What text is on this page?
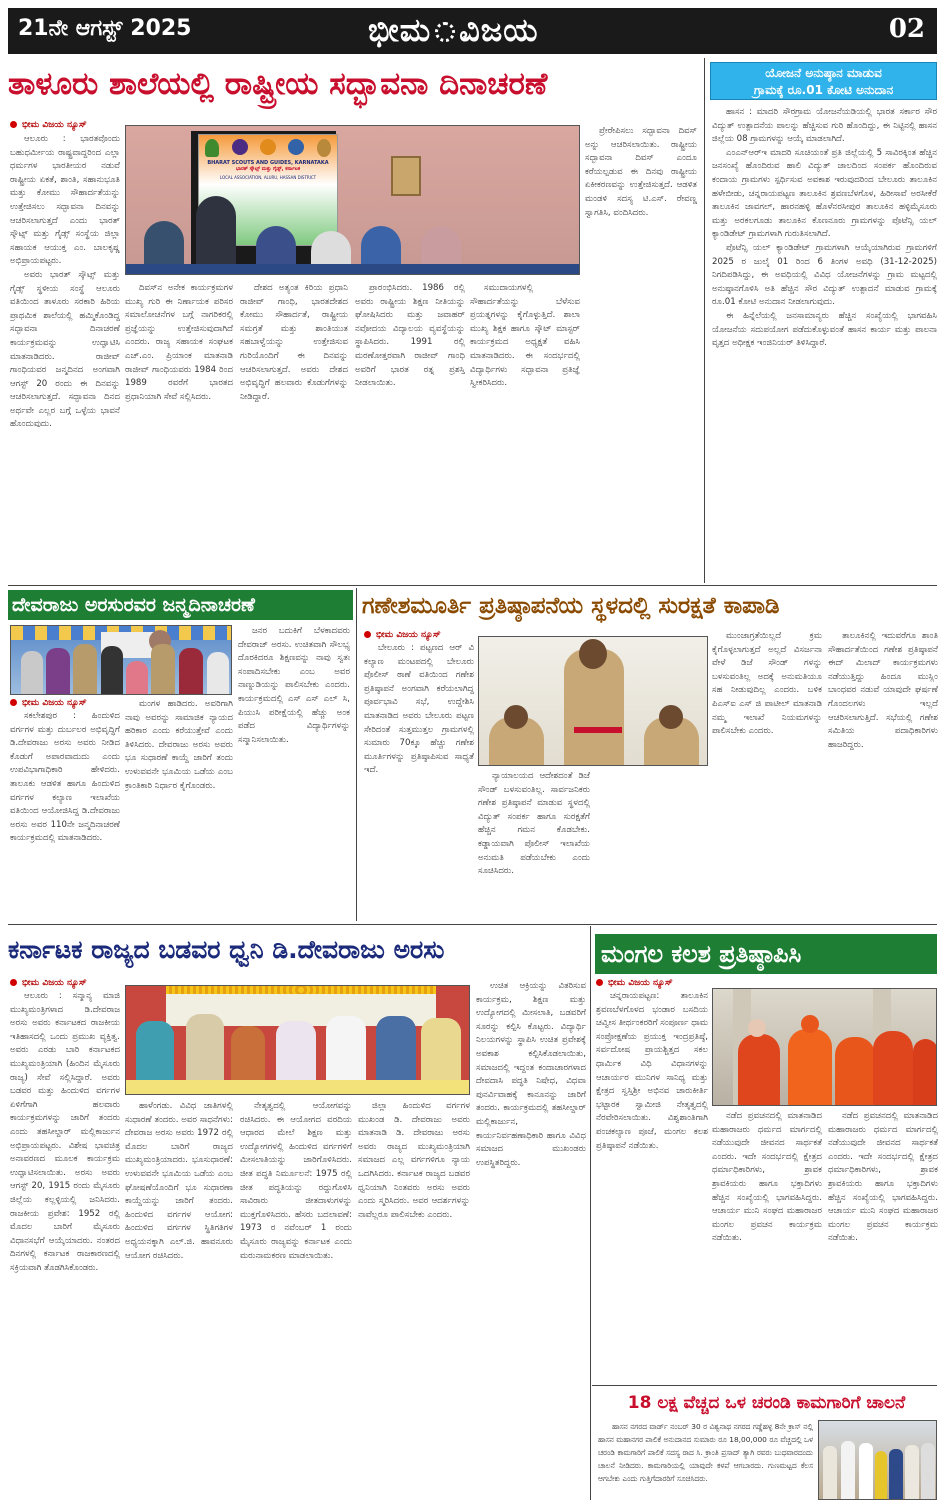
21ನೇ ಆಗಸ್ಟ್ 2025	ಭೀಮ ವಿಜಯ	02
ತಾಳೂರು ಶಾಲೆಯಲ್ಲಿ ರಾಷ್ಟ್ರೀಯ ಸದ್ಭಾವನಾ ದಿನಾಚರಣೆ
ಭೀಮ ವಿಜಯ ನ್ಯೂಸ್

ಆಲೂರು : ಭಾರತವೊಂದು ಬಹುಧರ್ಮೀಯ ರಾಷ್ಟ್ರವಾದ್ದರಿಂದ ಎಲ್ಲಾ ಧರ್ಮಗಳ ಭಾರತೀಯರ ನಡುವೆ ರಾಷ್ಟ್ರೀಯ ಏಕತೆ, ಶಾಂತಿ, ಸಹಾನುಭೂತಿ ಮತ್ತು ಕೋಮು ಸೌಹಾರ್ದತೆಯನ್ನು ಉತ್ತೇಜಿಸಲು ಸದ್ಭಾವನಾ ದಿನವನ್ನು ಆಚರಿಸಲಾಗುತ್ತದೆ ಎಂದು ಭಾರತ್ ಸ್ಕೌಟ್ಸ್ ಮತ್ತು ಗೈಡ್ಸ್ ಸಂಸ್ಥೆಯ ಜಿಲ್ಲಾ ಸಹಾಯಕ ಆಯುಕ್ತ ಎಂ. ಬಾಲಕೃಷ್ಣ ಅಭಿಪ್ರಾಯಪಟ್ಟರು.

ಅವರು ಭಾರತ್ ಸ್ಕೌಟ್ಸ್ ಮತ್ತು ಗೈಡ್ಸ್ ಸ್ಥಳೀಯ ಸಂಸ್ಥೆ ಆಲೂರು ವತಿಯಿಂದ ತಾಳೂರು ಸರಕಾರಿ ಹಿರಿಯ ಪ್ರಾಥಮಿಕ ಶಾಲೆಯಲ್ಲಿ ಹಮ್ಮಿಕೊಂಡಿದ್ದ ಸದ್ಭಾವನಾ ದಿನಾಚರಣೆ ಕಾರ್ಯಕ್ರಮವನ್ನು ಉದ್ಘಾಟಿಸಿ ಮಾತನಾಡಿದರು. ರಾಜೀವ್ ಗಾಂಧಿಯವರ ಜನ್ಮದಿನದ ಅಂಗವಾಗಿ ಆಗಸ್ಟ್ 20 ರಂದು ಈ ದಿನವನ್ನು ಆಚರಿಸಲಾಗುತ್ತದೆ. ಸದ್ಭಾವನಾ ದಿನದ ಅರ್ಥವೇ ಎಲ್ಲರ ಬಗ್ಗೆ ಒಳ್ಳೆಯ ಭಾವನೆ ಹೊಂದುವುದು.

BHARAT SCOUTS AND GUIDES, KARNATAKA
ಭಾರತ್ ಸ್ಕೌಟ್ಸ್ ಮತ್ತು ಗೈಡ್ಸ್, ಕರ್ನಾಟಕ
LOCAL ASSOCIATION, ALURU, HASSAN DISTRICT

ದಿವಸ್‌ನ ಅನೇಕ ಕಾರ್ಯಕ್ರಮಗಳ ಮುಖ್ಯ ಗುರಿ ಈ ನಿರ್ಣಾಯಕ ಪರಿಸರ ಸಮಾಲೋಚನೆಗಳ ಬಗ್ಗೆ ನಾಗರಿಕರಲ್ಲಿ ಪ್ರಜ್ಞೆಯನ್ನು ಉತ್ತೇಜಿಸುವುದಾಗಿದೆ ಎಂದರು. ರಾಜ್ಯ ಸಹಾಯಕ ಸಂಘಟಕ ಎಚ್.ಎಂ. ಪ್ರಿಯಾಂಕ ಮಾತನಾಡಿ ರಾಜೀವ್ ಗಾಂಧಿಯವರು 1984 ರಿಂದ 1989 ರವರೆಗೆ ಭಾರತದ ಪ್ರಧಾನಿಯಾಗಿ ಸೇವೆ ಸಲ್ಲಿಸಿದರು.

ದೇಶದ ಅತ್ಯಂತ ಕಿರಿಯ ಪ್ರಧಾನಿ ರಾಜೀವ್ ಗಾಂಧಿ, ಭಾರತದೇಶದ ಕೋಮು ಸೌಹಾರ್ದತೆ, ರಾಷ್ಟ್ರೀಯ ಸಮಗ್ರತೆ ಮತ್ತು ಶಾಂತಿಯುತ ಸಹಬಾಳ್ವೆಯನ್ನು ಉತ್ತೇಜಿಸುವ ಗುರಿಯೊಂದಿಗೆ ಈ ದಿನವನ್ನು ಆಚರಿಸಲಾಗುತ್ತದೆ. ಅವರು ದೇಶದ ಅಭಿವೃದ್ಧಿಗೆ ಹಲವಾರು ಕೊಡುಗೆಗಳನ್ನು ನೀಡಿದ್ದಾರೆ.

ಪ್ರಾರಂಭಿಸಿದರು. 1986 ರಲ್ಲಿ ಅವರು ರಾಷ್ಟ್ರೀಯ ಶಿಕ್ಷಣ ನೀತಿಯನ್ನು ಘೋಷಿಸಿದರು ಮತ್ತು ಜವಾಹರ್ ನವೋದಯ ವಿದ್ಯಾಲಯ ವ್ಯವಸ್ಥೆಯನ್ನು ಸ್ಥಾಪಿಸಿದರು. 1991 ರಲ್ಲಿ ಮರಣೋತ್ತರವಾಗಿ ರಾಜೀವ್ ಗಾಂಧಿ ಅವರಿಗೆ ಭಾರತ ರತ್ನ ಪ್ರಶಸ್ತಿ ನೀಡಲಾಯಿತು.

ಸಮುದಾಯಗಳಲ್ಲಿ ಸೌಹಾರ್ದತೆಯನ್ನು ಬೆಳೆಸುವ ಪ್ರಯತ್ನಗಳನ್ನು ಕೈಗೊಳ್ಳುತ್ತಿದೆ. ಶಾಲಾ ಮುಖ್ಯ ಶಿಕ್ಷಕ ಹಾಗೂ ಸ್ಕೌಟ್ ಮಾಸ್ಟರ್ ಕಾರ್ಯಕ್ರಮದ ಅಧ್ಯಕ್ಷತೆ ವಹಿಸಿ ಮಾತನಾಡಿದರು. ಈ ಸಂದರ್ಭದಲ್ಲಿ ವಿದ್ಯಾರ್ಥಿಗಳು ಸದ್ಭಾವನಾ ಪ್ರತಿಜ್ಞೆ ಸ್ವೀಕರಿಸಿದರು.

ಪ್ರೇರೇಪಿಸಲು ಸದ್ಭಾವನಾ ದಿವಸ್ ಅನ್ನು ಆಚರಿಸಲಾಯಿತು. ರಾಷ್ಟ್ರೀಯ ಸದ್ಭಾವನಾ ದಿವಸ್ ಎಂದೂ ಕರೆಯಲ್ಪಡುವ ಈ ದಿನವು ರಾಷ್ಟ್ರೀಯ ಏಕೀಕರಣವನ್ನು ಉತ್ತೇಜಿಸುತ್ತದೆ. ಆಡಳಿತ ಮಂಡಳಿ ಸದಸ್ಯ ಟಿ.ಎಸ್. ರೇವಣ್ಣ ಸ್ವಾಗತಿಸಿ, ವಂದಿಸಿದರು.

ಯೋಜನೆ ಅನುಷ್ಠಾನ ಮಾಡುವ
ಗ್ರಾಮಕ್ಕೆ ರೂ.01 ಕೋಟಿ ಅನುದಾನ

ಹಾಸನ : ಮಾದರಿ ಸೌರಗ್ರಾಮ ಯೋಜನೆಯಡಿಯಲ್ಲಿ ಭಾರತ ಸರ್ಕಾರ ಸೌರ ವಿದ್ಯುತ್ ಉತ್ಪಾದನೆಯ ಪಾಲನ್ನು ಹೆಚ್ಚಿಸುವ ಗುರಿ ಹೊಂದಿದ್ದು, ಈ ನಿಟ್ಟಿನಲ್ಲಿ ಹಾಸನ ಜಿಲ್ಲೆಯ 08 ಗ್ರಾಮಗಳನ್ನು ಆಯ್ಕೆ ಮಾಡಲಾಗಿದೆ.

ಎಂಎನ್‌ಆರ್‌ಇ ಮಾದರಿ ಸೂಚಿಯಂತೆ ಪ್ರತಿ ಜಿಲ್ಲೆಯಲ್ಲಿ 5 ಸಾವಿರಕ್ಕಿಂತ ಹೆಚ್ಚಿನ ಜನಸಂಖ್ಯೆ ಹೊಂದಿರುವ ಹಾಲಿ ವಿದ್ಯುತ್ ಜಾಲದಿಂದ ಸಂಪರ್ಕ ಹೊಂದಿರುವ ಕಂದಾಯ ಗ್ರಾಮಗಳು ಸ್ಪರ್ಧಿಸುವ ಅವಕಾಶ ಇರುವುದರಿಂದ ಬೇಲೂರು ತಾಲೂಕಿನ ಹಳೇಬೀಡು, ಚನ್ನರಾಯಪಟ್ಟಣ ತಾಲೂಕಿನ ಶ್ರವಣಬೆಳಗೊಳ, ಹಿರೀಸಾವೆ ಅರಸೀಕೆರೆ ತಾಲೂಕಿನ ಜಾವಗಲ್, ಹಾರನಹಳ್ಳಿ ಹೊಳೆನರಸೀಪುರ ತಾಲೂಕಿನ ಹಳ್ಳಿಮೈಸೂರು ಮತ್ತು ಅರಕಲಗೂಡು ತಾಲೂಕಿನ ಕೊಣನೂರು ಗ್ರಾಮಗಳನ್ನು ಪೊಟೆನ್ಸಿ ಯಲ್ ಕ್ಯಾಂಡಿಡೇಟ್ ಗ್ರಾಮಗಳಾಗಿ ಗುರುತಿಸಲಾಗಿದೆ.

ಪೊಟೆನ್ಸಿ ಯಲ್ ಕ್ಯಾಂಡಿಡೇಟ್ ಗ್ರಾಮಗಳಾಗಿ ಆಯ್ಕೆಯಾಗಿರುವ ಗ್ರಾಮಗಳಿಗೆ 2025 ರ ಜುಲೈ 01 ರಿಂದ 6 ತಿಂಗಳ ಅವಧಿ (31-12-2025) ನಿಗದಿಪಡಿಸಿದ್ದು, ಈ ಅವಧಿಯಲ್ಲಿ ವಿವಿಧ ಯೋಜನೆಗಳನ್ನು ಗ್ರಾಮ ಮಟ್ಟದಲ್ಲಿ ಅನುಷ್ಠಾನಗೊಳಿಸಿ ಅತಿ ಹೆಚ್ಚಿನ ಸೌರ ವಿದ್ಯುತ್ ಉತ್ಪಾದನೆ ಮಾಡುವ ಗ್ರಾಮಕ್ಕೆ ರೂ.01 ಕೋಟಿ ಅನುದಾನ ನೀಡಲಾಗುವುದು.

ಈ ಹಿನ್ನೆಲೆಯಲ್ಲಿ ಜನಸಾಮಾನ್ಯರು ಹೆಚ್ಚಿನ ಸಂಖ್ಯೆಯಲ್ಲಿ ಭಾಗವಹಿಸಿ ಯೋಜನೆಯ ಸದುಪಯೋಗ ಪಡೆದುಕೊಳ್ಳುವಂತೆ ಹಾಸನ ಕಾರ್ಯ ಮತ್ತು ಪಾಲನಾ ವೃತ್ತದ ಅಧೀಕ್ಷಕ ಇಂಜಿನಿಯರ್ ತಿಳಿಸಿದ್ದಾರೆ.

ದೇವರಾಜು ಅರಸುರವರ ಜನ್ಮದಿನಾಚರಣೆ
ಭೀಮ ವಿಜಯ ನ್ಯೂಸ್

ಸಕಲೇಶಪುರ : ಹಿಂದುಳಿದ ವರ್ಗಗಳ ಮತ್ತು ದುರ್ಬಲರ ಅಭಿವೃದ್ಧಿಗೆ ಡಿ.ದೇವರಾಜು ಅರಸು ಅವರು ನೀಡಿದ ಕೊಡುಗೆ ಅಪಾರವಾದುದು ಎಂದು ಉಪವಿಭಾಗಾಧಿಕಾರಿ ಹೇಳಿದರು. ತಾಲೂಕು ಆಡಳಿತ ಹಾಗೂ ಹಿಂದುಳಿದ ವರ್ಗಗಳ ಕಲ್ಯಾಣ ಇಲಾಖೆಯ ವತಿಯಿಂದ ಆಯೋಜಿಸಿದ್ದ ಡಿ.ದೇವರಾಜು ಅರಸು ಅವರ 110ನೇ ಜನ್ಮದಿನಾಚರಣೆ ಕಾರ್ಯಕ್ರಮದಲ್ಲಿ ಮಾತನಾಡಿದರು.

ಮಂಗಳ ಹಾಡಿದರು. ಅವರಿಗಾಗಿ ನಾವು ಅವರನ್ನು ಸಾಮಾಜಿಕ ನ್ಯಾಯದ ಹರಿಕಾರ ಎಂದು ಕರೆಯುತ್ತೇವೆ ಎಂದು ತಿಳಿಸಿದರು. ದೇವರಾಜು ಅರಸು ಅವರು ಭೂ ಸುಧಾರಣೆ ಕಾಯ್ದೆ ಜಾರಿಗೆ ತಂದು ಉಳುವವನೇ ಭೂಮಿಯ ಒಡೆಯ ಎಂಬ ಕ್ರಾಂತಿಕಾರಿ ನಿರ್ಧಾರ ಕೈಗೊಂಡರು.

ಜನರ ಬದುಕಿಗೆ ಬೆಳಕಾದವರು ದೇವರಾಜ್ ಅರಸು. ಉಚಿತವಾಗಿ ಸೌಲಭ್ಯ ದೊರಕಿದರೂ ಶಿಕ್ಷಣವನ್ನು ನಾವು ಸ್ವತಃ ಸಂಪಾದಿಸಬೇಕು ಎಂಬ ಅವರ ನಾಣ್ನುಡಿಯನ್ನು ಪಾಲಿಸಬೇಕು ಎಂದರು. ಕಾರ್ಯಕ್ರಮದಲ್ಲಿ ಎಸ್ ಎಸ್ ಎಲ್ ಸಿ, ಪಿಯುಸಿ ಪರೀಕ್ಷೆಯಲ್ಲಿ ಹೆಚ್ಚು ಅಂಕ ಪಡೆದ ವಿದ್ಯಾರ್ಥಿಗಳನ್ನು ಸನ್ಮಾನಿಸಲಾಯಿತು.

ಗಣೇಶಮೂರ್ತಿ ಪ್ರತಿಷ್ಠಾಪನೆಯ ಸ್ಥಳದಲ್ಲಿ ಸುರಕ್ಷತೆ ಕಾಪಾಡಿ
ಭೀಮ ವಿಜಯ ನ್ಯೂಸ್

ಬೇಲೂರು : ಪಟ್ಟಣದ ಆರ್ ವಿ ಕಲ್ಯಾಣ ಮಂಟಪದಲ್ಲಿ ಬೇಲೂರು ಪೊಲೀಸ್ ಠಾಣೆ ವತಿಯಿಂದ ಗಣೇಶ ಪ್ರತಿಷ್ಠಾಪನೆ ಅಂಗವಾಗಿ ಕರೆಯಲಾಗಿದ್ದ ಪೂರ್ವಭಾವಿ ಸಭೆ, ಉದ್ದೇಶಿಸಿ ಮಾತನಾಡಿದ ಅವರು ಬೇಲೂರು ಪಟ್ಟಣ ಸೇರಿದಂತೆ ಸುತ್ತಮುತ್ತಲ ಗ್ರಾಮಗಳಲ್ಲಿ ಸುಮಾರು 70ಕ್ಕೂ ಹೆಚ್ಚು ಗಣೇಶ ಮೂರ್ತಿಗಳನ್ನು ಪ್ರತಿಷ್ಠಾಪಿಸುವ ಸಾಧ್ಯತೆ ಇದೆ.

ನ್ಯಾಯಾಲಯದ ಆದೇಶದಂತೆ ಡಿಜೆ ಸೌಂಡ್ ಬಳಸುವಂತಿಲ್ಲ. ಸಾರ್ವಜನಿಕರು ಗಣೇಶ ಪ್ರತಿಷ್ಠಾಪನೆ ಮಾಡುವ ಸ್ಥಳದಲ್ಲಿ ವಿದ್ಯುತ್ ಸಂಪರ್ಕ ಹಾಗೂ ಸುರಕ್ಷತೆಗೆ ಹೆಚ್ಚಿನ ಗಮನ ಕೊಡಬೇಕು. ಕಡ್ಡಾಯವಾಗಿ ಪೊಲೀಸ್ ಇಲಾಖೆಯ ಅನುಮತಿ ಪಡೆಯಬೇಕು ಎಂದು ಸೂಚಿಸಿದರು.

ಮುಂಜಾಗ್ರತೆಯಿಲ್ಲದೆ ಕ್ರಮ ಕೈಗೊಳ್ಳಲಾಗುತ್ತದೆ ಅಲ್ಲದೆ ವಿಸರ್ಜನಾ ವೇಳೆ ಡಿಜೆ ಸೌಂಡ್ ಗಳನ್ನು ಬಳಸುವಂತಿಲ್ಲ ಅದಕ್ಕೆ ಅನುಮತಿಯೂ ಸಹ ನೀಡುವುದಿಲ್ಲ ಎಂದರು. ಬಳಿಕ ಪಿಎಸ್‌ಐ ಎಸ್ ಜಿ ಪಾಟೀಲ್ ಮಾತನಾಡಿ ನಮ್ಮ ಇಲಾಖೆ ನಿಯಮಗಳನ್ನು ಪಾಲಿಸಬೇಕು ಎಂದರು.

ತಾಲೂಕಿನಲ್ಲಿ ಇದುವರೆಗೂ ಶಾಂತಿ ಸೌಹಾರ್ದತೆಯಿಂದ ಗಣೇಶ ಪ್ರತಿಷ್ಠಾಪನೆ ಈದ್ ಮಿಲಾದ್ ಕಾರ್ಯಕ್ರಮಗಳು ನಡೆಯುತ್ತಿದ್ದು ಹಿಂದೂ ಮುಸ್ಲಿಂ ಬಾಂಧವರ ನಡುವೆ ಯಾವುದೇ ಘರ್ಷಣೆ ಗೊಂದಲಗಳು ಇಲ್ಲದೆ ಆಚರಿಸಲಾಗುತ್ತಿದೆ. ಸಭೆಯಲ್ಲಿ ಗಣೇಶ ಸಮಿತಿಯ ಪದಾಧಿಕಾರಿಗಳು ಹಾಜರಿದ್ದರು.

ಕರ್ನಾಟಕ ರಾಜ್ಯದ ಬಡವರ ಧ್ವನಿ ಡಿ.ದೇವರಾಜು ಅರಸು
ಭೀಮ ವಿಜಯ ನ್ಯೂಸ್

ಆಲೂರು : ಸನ್ಮಾನ್ಯ ಮಾಜಿ ಮುಖ್ಯಮಂತ್ರಿಗಳಾದ ಡಿ.ದೇವರಾಜ ಅರಸು ಅವರು ಕರ್ನಾಟಕದ ರಾಜಕೀಯ ಇತಿಹಾಸದಲ್ಲಿ ಒಂದು ಪ್ರಮುಖ ವ್ಯಕ್ತಿತ್ವ. ಅವರು ಎರಡು ಬಾರಿ ಕರ್ನಾಟಕದ ಮುಖ್ಯಮಂತ್ರಿಯಾಗಿ (ಹಿಂದಿನ ಮೈಸೂರು ರಾಜ್ಯ) ಸೇವೆ ಸಲ್ಲಿಸಿದ್ದಾರೆ. ಅವರು ಬಡವರ ಮತ್ತು ಹಿಂದುಳಿದ ವರ್ಗಗಳ ಏಳಿಗೆಗಾಗಿ ಹಲವಾರು ಕಾರ್ಯಕ್ರಮಗಳನ್ನು ಜಾರಿಗೆ ತಂದರು ಎಂದು ತಹಸೀಲ್ದಾರ್ ಮಲ್ಲಿಕಾರ್ಜುನ ಅಭಿಪ್ರಾಯಪಟ್ಟರು. ವಿಶೇಷ ಭಾವಚಿತ್ರ ಅನಾವರಣದ ಮೂಲಕ ಕಾರ್ಯಕ್ರಮ ಉದ್ಘಾಟಿಸಲಾಯಿತು. ಅರಸು ಅವರು ಆಗಸ್ಟ್ 20, 1915 ರಂದು ಮೈಸೂರು ಜಿಲ್ಲೆಯ ಕಲ್ಲಳ್ಳಿಯಲ್ಲಿ ಜನಿಸಿದರು. ರಾಜಕೀಯ ಪ್ರವೇಶ: 1952 ರಲ್ಲಿ ಮೊದಲ ಬಾರಿಗೆ ಮೈಸೂರು ವಿಧಾನಸಭೆಗೆ ಆಯ್ಕೆಯಾದರು. ನಂತರದ ದಿನಗಳಲ್ಲಿ ಕರ್ನಾಟಕ ರಾಜಕಾರಣದಲ್ಲಿ ಸಕ್ರಿಯವಾಗಿ ತೊಡಗಿಸಿಕೊಂಡರು.

ಹಾಳೆಂಗಡು. ವಿವಿಧ ಜಾತಿಗಳಲ್ಲಿ ಸುಧಾರಣೆ ತಂದರು. ಅವರ ಸಾಧನೆಗಳು: ದೇವರಾಜ ಅರಸು ಅವರು 1972 ರಲ್ಲಿ ಮೊದಲ ಬಾರಿಗೆ ರಾಜ್ಯದ ಮುಖ್ಯಮಂತ್ರಿಯಾದರು. ಭೂಸುಧಾರಣೆ: ಉಳುವವನೇ ಭೂಮಿಯ ಒಡೆಯ ಎಂಬ ಘೋಷಣೆಯೊಂದಿಗೆ ಭೂ ಸುಧಾರಣಾ ಕಾಯ್ದೆಯನ್ನು ಜಾರಿಗೆ ತಂದರು. ಹಿಂದುಳಿದ ವರ್ಗಗಳ ಆಯೋಗ: ಹಿಂದುಳಿದ ವರ್ಗಗಳ ಸ್ಥಿತಿಗತಿಗಳ ಅಧ್ಯಯನಕ್ಕಾಗಿ ಎಲ್.ಜಿ. ಹಾವನೂರು ಆಯೋಗ ರಚಿಸಿದರು.

ನೇತೃತ್ವದಲ್ಲಿ ಆಯೋಗವನ್ನು ರಚಿಸಿದರು. ಈ ಆಯೋಗದ ವರದಿಯ ಆಧಾರದ ಮೇಲೆ ಶಿಕ್ಷಣ ಮತ್ತು ಉದ್ಯೋಗಗಳಲ್ಲಿ ಹಿಂದುಳಿದ ವರ್ಗಗಳಿಗೆ ಮೀಸಲಾತಿಯನ್ನು ಜಾರಿಗೊಳಿಸಿದರು. ಜೀತ ಪದ್ಧತಿ ನಿರ್ಮೂಲನೆ: 1975 ರಲ್ಲಿ ಜೀತ ಪದ್ಧತಿಯನ್ನು ರದ್ದುಗೊಳಿಸಿ ಸಾವಿರಾರು ಜೀತದಾಳುಗಳನ್ನು ಮುಕ್ತಗೊಳಿಸಿದರು. ಹೆಸರು ಬದಲಾವಣೆ: 1973 ರ ನವೆಂಬರ್ 1 ರಂದು ಮೈಸೂರು ರಾಜ್ಯವನ್ನು ಕರ್ನಾಟಕ ಎಂದು ಮರುನಾಮಕರಣ ಮಾಡಲಾಯಿತು.

ಜಿಲ್ಲಾ ಹಿಂದುಳಿದ ವರ್ಗಗಳ ಮುಖಂಡ ಡಿ. ದೇವರಾಜು ಅವರು ಮಾತನಾಡಿ ಡಿ. ದೇವರಾಜು ಅರಸು ಅವರು ರಾಜ್ಯದ ಮುಖ್ಯಮಂತ್ರಿಯಾಗಿ ಸಮಾಜದ ಎಲ್ಲ ವರ್ಗಗಳಿಗೂ ನ್ಯಾಯ ಒದಗಿಸಿದರು. ಕರ್ನಾಟಕ ರಾಜ್ಯದ ಬಡವರ ಧ್ವನಿಯಾಗಿ ನಿಂತವರು ಅರಸು ಅವರು ಎಂದು ಸ್ಮರಿಸಿದರು. ಅವರ ಆದರ್ಶಗಳನ್ನು ನಾವೆಲ್ಲರೂ ಪಾಲಿಸಬೇಕು ಎಂದರು.

ಉಚಿತ ಆಕ್ರಿಯನ್ನು ವಿತರಿಸುವ ಕಾರ್ಯಕ್ರಮ, ಶಿಕ್ಷಣ ಮತ್ತು ಉದ್ಯೋಗದಲ್ಲಿ ಮೀಸಲಾತಿ, ಬಡವರಿಗೆ ಸೂರನ್ನು ಕಲ್ಪಿಸಿ ಕೊಟ್ಟರು. ವಿದ್ಯಾರ್ಥಿ ನಿಲಯಗಳನ್ನು ಸ್ಥಾಪಿಸಿ ಉಚಿತ ಪ್ರವೇಶಕ್ಕೆ ಅವಕಾಶ ಕಲ್ಪಿಸಿಕೊಡಲಾಯಿತು, ಸಮಾಜದಲ್ಲಿ ಇದ್ದಂತ ಕಂದಾಚಾರಗಳಾದ ದೇವದಾಸಿ ಪದ್ಧತಿ ನಿಷೇಧ, ವಿಧವಾ ಪುನರ್ವಿವಾಹಕ್ಕೆ ಕಾನೂನನ್ನು ಜಾರಿಗೆ ತಂದರು. ಕಾರ್ಯಕ್ರಮದಲ್ಲಿ ತಹಸೀಲ್ದಾರ್ ಮಲ್ಲಿಕಾರ್ಜುನ, ಕಾರ್ಯನಿರ್ವಹಣಾಧಿಕಾರಿ ಹಾಗೂ ವಿವಿಧ ಸಮಾಜದ ಮುಖಂಡರು ಉಪಸ್ಥಿತರಿದ್ದರು.

ಮಂಗಲ ಕಲಶ ಪ್ರತಿಷ್ಠಾಪಿಸಿ
ಭೀಮ ವಿಜಯ ನ್ಯೂಸ್

ಚನ್ನರಾಯಪಟ್ಟಣ: ತಾಲೂಕಿನ ಶ್ರವಣಬೆಳಗೊಳದ ಭಂಡಾರ ಬಸದಿಯ ಚವ್ವೀಸ ತೀರ್ಥಂಕರರಿಗೆ ಸಂಪೂರ್ಣ ಧಾಮ ಸಂಪ್ರೋಕ್ಷಣೆಯ ಪ್ರಯುಕ್ತ ಇಂದ್ರಪ್ರತಿಷ್ಠೆ, ಸರ್ವದೋಷ ಪ್ರಾಯಶ್ಚಿತ್ತದ ಸಕಲ ಧಾರ್ಮಿಕ ವಿಧಿ ವಿಧಾನಗಳನ್ನು ಆಚಾರ್ಯರ ಮುನಿಗಳ ಸಾನಿಧ್ಯ ಮತ್ತು ಕ್ಷೇತ್ರದ ಸ್ವಸ್ತಿಶ್ರೀ ಅಭಿನವ ಚಾರುಕೀರ್ತಿ ಭಟ್ಟಾರಕ ಸ್ವಾಮೀಜಿ ನೇತೃತ್ವದಲ್ಲಿ ನೆರವೇರಿಸಲಾಯಿತು. ವಿಶ್ವಶಾಂತಿಗಾಗಿ ಪಂಚಕಲ್ಯಾಣ ಪೂಜೆ, ಮಂಗಲ ಕಲಶ ಪ್ರತಿಷ್ಠಾಪನೆ ನಡೆಯಿತು.

ನಡೆದ ಪ್ರವಚನದಲ್ಲಿ ಮಾತನಾಡಿದ ಮಹಾರಾಜರು ಧರ್ಮದ ಮಾರ್ಗದಲ್ಲಿ ನಡೆಯುವುದೇ ಜೀವನದ ಸಾರ್ಥಕತೆ ಎಂದರು. ಇದೇ ಸಂದರ್ಭದಲ್ಲಿ ಕ್ಷೇತ್ರದ ಧರ್ಮಾಧಿಕಾರಿಗಳು, ಶ್ರಾವಕ ಶ್ರಾವಕಿಯರು ಹಾಗೂ ಭಕ್ತಾದಿಗಳು ಹೆಚ್ಚಿನ ಸಂಖ್ಯೆಯಲ್ಲಿ ಭಾಗವಹಿಸಿದ್ದರು. ಆಚಾರ್ಯ ಮುನಿ ಸಂಘದ ಮಹಾರಾಜರ ಮಂಗಲ ಪ್ರವಚನ ಕಾರ್ಯಕ್ರಮ ನಡೆಯಿತು.

ನಡೆದ ಪ್ರವಚನದಲ್ಲಿ ಮಾತನಾಡಿದ ಮಹಾರಾಜರು ಧರ್ಮದ ಮಾರ್ಗದಲ್ಲಿ ನಡೆಯುವುದೇ ಜೀವನದ ಸಾರ್ಥಕತೆ ಎಂದರು. ಇದೇ ಸಂದರ್ಭದಲ್ಲಿ ಕ್ಷೇತ್ರದ ಧರ್ಮಾಧಿಕಾರಿಗಳು, ಶ್ರಾವಕ ಶ್ರಾವಕಿಯರು ಹಾಗೂ ಭಕ್ತಾದಿಗಳು ಹೆಚ್ಚಿನ ಸಂಖ್ಯೆಯಲ್ಲಿ ಭಾಗವಹಿಸಿದ್ದರು. ಆಚಾರ್ಯ ಮುನಿ ಸಂಘದ ಮಹಾರಾಜರ ಮಂಗಲ ಪ್ರವಚನ ಕಾರ್ಯಕ್ರಮ ನಡೆಯಿತು.

18 ಲಕ್ಷ ವೆಚ್ಚದ ಒಳ ಚರಂಡಿ ಕಾಮಗಾರಿಗೆ ಚಾಲನೆ

ಹಾಸನ ನಗರದ ವಾರ್ಡ್ ನಂಬರ್ 30 ರ ವಿಶ್ವನಾಥ ನಗರದ ಗಡ್ಡೆಹಳ್ಳ 8ನೇ ಕ್ರಾಸ್ ನಲ್ಲಿ ಹಾಸನ ಮಹಾನಗರ ಪಾಲಿಕೆ ಅನುದಾನದ ಸುಮಾರು ರೂ 18,00,000 ರೂ ವೆಚ್ಚದಲ್ಲಿ ಒಳ ಚರಂಡಿ ಕಾಮಗಾರಿಗೆ ಪಾಲಿಕೆ ಸದಸ್ಯ ರಾದ ಸಿ. ಕ್ರಾಂತಿ ಪ್ರಸಾದ್ ತ್ಯಾಗಿ ರವರು ಬುಧವಾರದಂದು ಚಾಲನೆ ನೀಡಿದರು. ಕಾಮಗಾರಿಯಲ್ಲಿ ಯಾವುದೇ ಕಳಪೆ ಆಗಬಾರದು. ಗುಣಮಟ್ಟದ ಕೆಲಸ ಆಗಬೇಕು ಎಂದು ಗುತ್ತಿಗೆದಾರರಿಗೆ ಸೂಚಿಸಿದರು.
